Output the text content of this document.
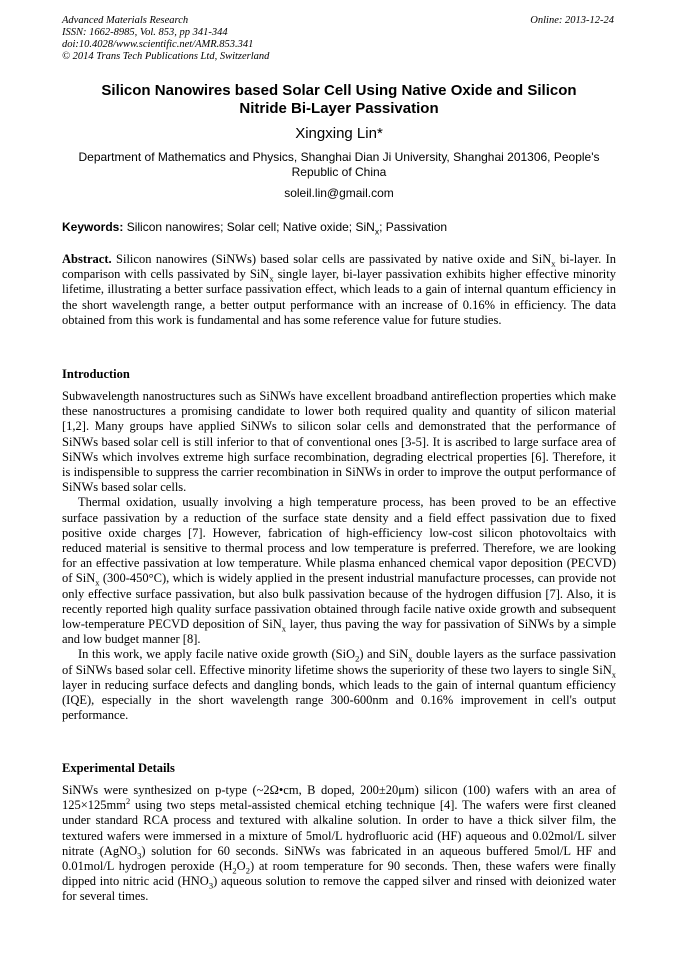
Advanced Materials Research
ISSN: 1662-8985, Vol. 853, pp 341-344
doi:10.4028/www.scientific.net/AMR.853.341
© 2014 Trans Tech Publications Ltd, Switzerland
Online: 2013-12-24
Silicon Nanowires based Solar Cell Using Native Oxide and Silicon
Nitride Bi-Layer Passivation
Xingxing Lin*
Department of Mathematics and Physics, Shanghai Dian Ji University, Shanghai 201306, People's
Republic of China
soleil.lin@gmail.com
Keywords: Silicon nanowires; Solar cell; Native oxide; SiN$_x$; Passivation

Abstract. Silicon nanowires (SiNWs) based solar cells are passivated by native oxide and SiN$_x$ bi-layer. In comparison with cells passivated by SiN$_x$ single layer, bi-layer passivation exhibits higher effective minority lifetime, illustrating a better surface passivation effect, which leads to a gain of internal quantum efficiency in the short wavelength range, a better output performance with an increase of 0.16% in efficiency. The data obtained from this work is fundamental and has some reference value for future studies.

Introduction

Subwavelength nanostructures such as SiNWs have excellent broadband antireflection properties which make these nanostructures a promising candidate to lower both required quality and quantity of silicon material [1,2]. Many groups have applied SiNWs to silicon solar cells and demonstrated that the performance of SiNWs based solar cell is still inferior to that of conventional ones [3-5]. It is ascribed to large surface area of SiNWs which involves extreme high surface recombination, degrading electrical properties [6]. Therefore, it is indispensible to suppress the carrier recombination in SiNWs in order to improve the output performance of SiNWs based solar cells.

Thermal oxidation, usually involving a high temperature process, has been proved to be an effective surface passivation by a reduction of the surface state density and a field effect passivation due to fixed positive oxide charges [7]. However, fabrication of high-efficiency low-cost silicon photovoltaics with reduced material is sensitive to thermal process and low temperature is preferred. Therefore, we are looking for an effective passivation at low temperature. While plasma enhanced chemical vapor deposition (PECVD) of SiN$_x$ (300-450°C), which is widely applied in the present industrial manufacture processes, can provide not only effective surface passivation, but also bulk passivation because of the hydrogen diffusion [7]. Also, it is recently reported high quality surface passivation obtained through facile native oxide growth and subsequent low-temperature PECVD deposition of SiN$_x$ layer, thus paving the way for passivation of SiNWs by a simple and low budget manner [8].

In this work, we apply facile native oxide growth (SiO$_2$) and SiN$_x$ double layers as the surface passivation of SiNWs based solar cell. Effective minority lifetime shows the superiority of these two layers to single SiN$_x$ layer in reducing surface defects and dangling bonds, which leads to the gain of internal quantum efficiency (IQE), especially in the short wavelength range 300-600nm and 0.16% improvement in cell's output performance.

Experimental Details

SiNWs were synthesized on p-type (~2Ω•cm, B doped, 200±20μm) silicon (100) wafers with an area of $125\times 125mm^2$ using two steps metal-assisted chemical etching technique [4]. The wafers were first cleaned under standard RCA process and textured with alkaline solution. In order to have a thick silver film, the textured wafers were immersed in a mixture of 5mol/L hydrofluoric acid (HF) aqueous and 0.02mol/L silver nitrate (AgNO$_3$) solution for 60 seconds. SiNWs was fabricated in an aqueous buffered 5mol/L HF and 0.01mol/L hydrogen peroxide $(H_2O_2)$ at room temperature for 90 seconds. Then, these wafers were finally dipped into nitric acid $(HNO_3)$ aqueous solution to remove the capped silver and rinsed with deionized water for several times.
